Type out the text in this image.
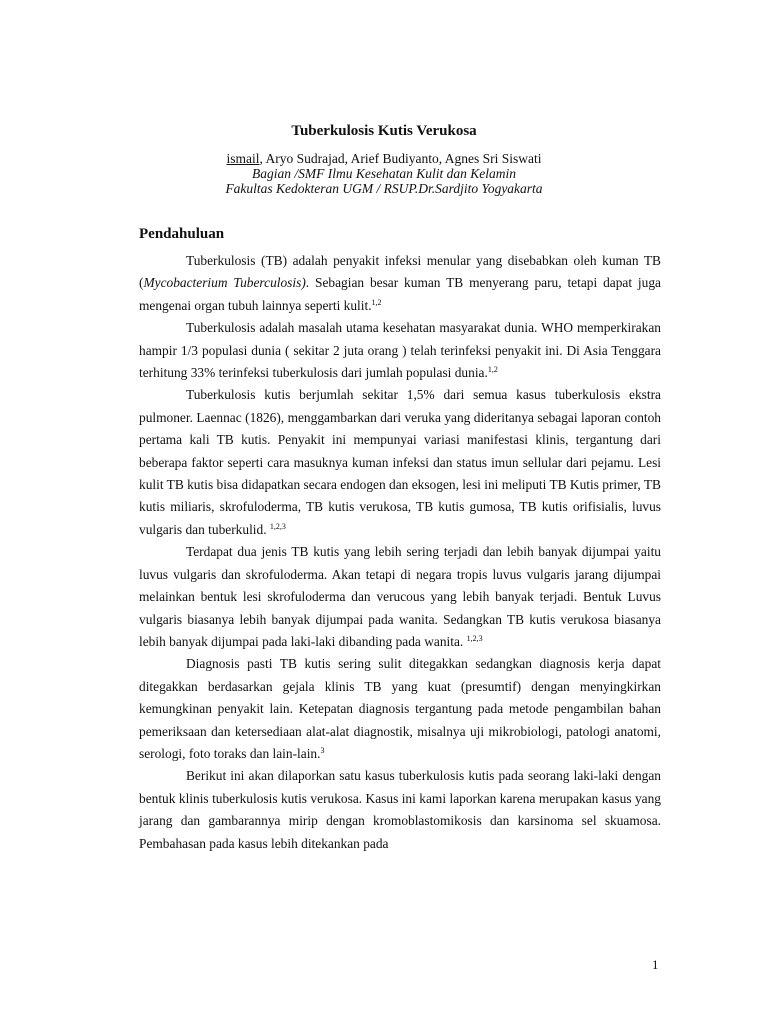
Tuberkulosis Kutis Verukosa
ismail, Aryo Sudrajad, Arief Budiyanto, Agnes Sri Siswati
Bagian /SMF Ilmu Kesehatan Kulit dan Kelamin
Fakultas Kedokteran UGM / RSUP.Dr.Sardjito Yogyakarta
Pendahuluan

Tuberkulosis (TB) adalah penyakit infeksi menular yang disebabkan oleh kuman TB (Mycobacterium Tuberculosis). Sebagian besar kuman TB menyerang paru, tetapi dapat juga mengenai organ tubuh lainnya seperti kulit.$^{1,2}$

Tuberkulosis adalah masalah utama kesehatan masyarakat dunia. WHO memperkirakan hampir 1/3 populasi dunia ( sekitar 2 juta orang ) telah terinfeksi penyakit ini. Di Asia Tenggara terhitung 33% terinfeksi tuberkulosis dari jumlah populasi dunia.$^{1,2}$

Tuberkulosis kutis berjumlah sekitar 1,5% dari semua kasus tuberkulosis ekstra pulmoner. Laennac (1826), menggambarkan dari veruka yang dideritanya sebagai laporan contoh pertama kali TB kutis. Penyakit ini mempunyai variasi manifestasi klinis, tergantung dari beberapa faktor seperti cara masuknya kuman infeksi dan status imun sellular dari pejamu. Lesi kulit TB kutis bisa didapatkan secara endogen dan eksogen, lesi ini meliputi TB Kutis primer, TB kutis miliaris, skrofuloderma, TB kutis verukosa, TB kutis gumosa, TB kutis orifisialis, luvus vulgaris dan tuberkulid. $^{1,2,3}$

Terdapat dua jenis TB kutis yang lebih sering terjadi dan lebih banyak dijumpai yaitu luvus vulgaris dan skrofuloderma. Akan tetapi di negara tropis luvus vulgaris jarang dijumpai melainkan bentuk lesi skrofuloderma dan verucous yang lebih banyak terjadi. Bentuk Luvus vulgaris biasanya lebih banyak dijumpai pada wanita. Sedangkan TB kutis verukosa biasanya lebih banyak dijumpai pada laki-laki dibanding pada wanita. $^{1,2,3}$

Diagnosis pasti TB kutis sering sulit ditegakkan sedangkan diagnosis kerja dapat ditegakkan berdasarkan gejala klinis TB yang kuat (presumtif) dengan menyingkirkan kemungkinan penyakit lain. Ketepatan diagnosis tergantung pada metode pengambilan bahan pemeriksaan dan ketersediaan alat-alat diagnostik, misalnya uji mikrobiologi, patologi anatomi, serologi, foto toraks dan lain-lain.$^3$

Berikut ini akan dilaporkan satu kasus tuberkulosis kutis pada seorang laki-laki dengan bentuk klinis tuberkulosis kutis verukosa. Kasus ini kami laporkan karena merupakan kasus yang jarang dan gambarannya mirip dengan kromoblastomikosis dan karsinoma sel skuamosa. Pembahasan pada kasus lebih ditekankan pada

1
